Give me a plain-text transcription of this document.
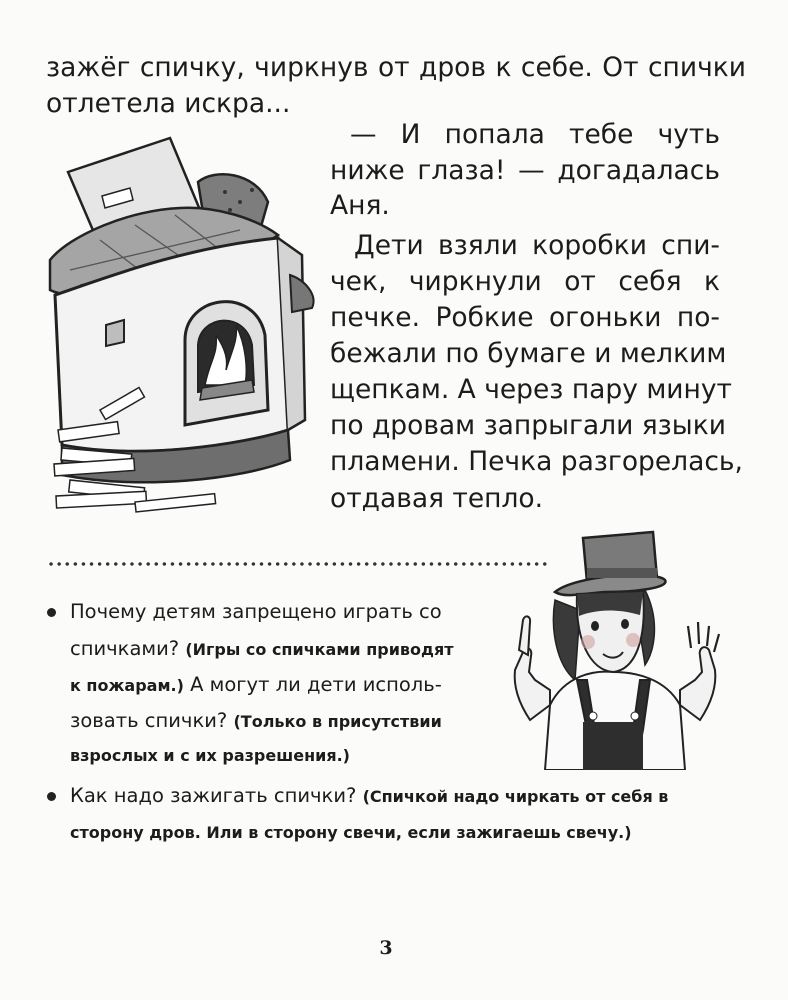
зажёг спичку, чиркнув от дров к себе. От спички
отлетела искра...
— И попала тебе чуть
ниже глаза! — догадалась
Аня.
Дети взяли коробки спи-
чек, чиркнули от себя к
печке. Робкие огоньки по-
бежали по бумаге и мелким
щепкам. А через пару минут
по дровам запрыгали языки
пламени. Печка разгорелась,
отдавая тепло.
Почему детям запрещено играть со
спичками? (Игры со спичками приводят
к пожарам.) А могут ли дети исполь-
зовать спички? (Только в присутствии
взрослых и с их разрешения.)
Как надо зажигать спички? (Спичкой надо чиркать от себя в
сторону дров. Или в сторону свечи, если зажигаешь свечу.)
3
